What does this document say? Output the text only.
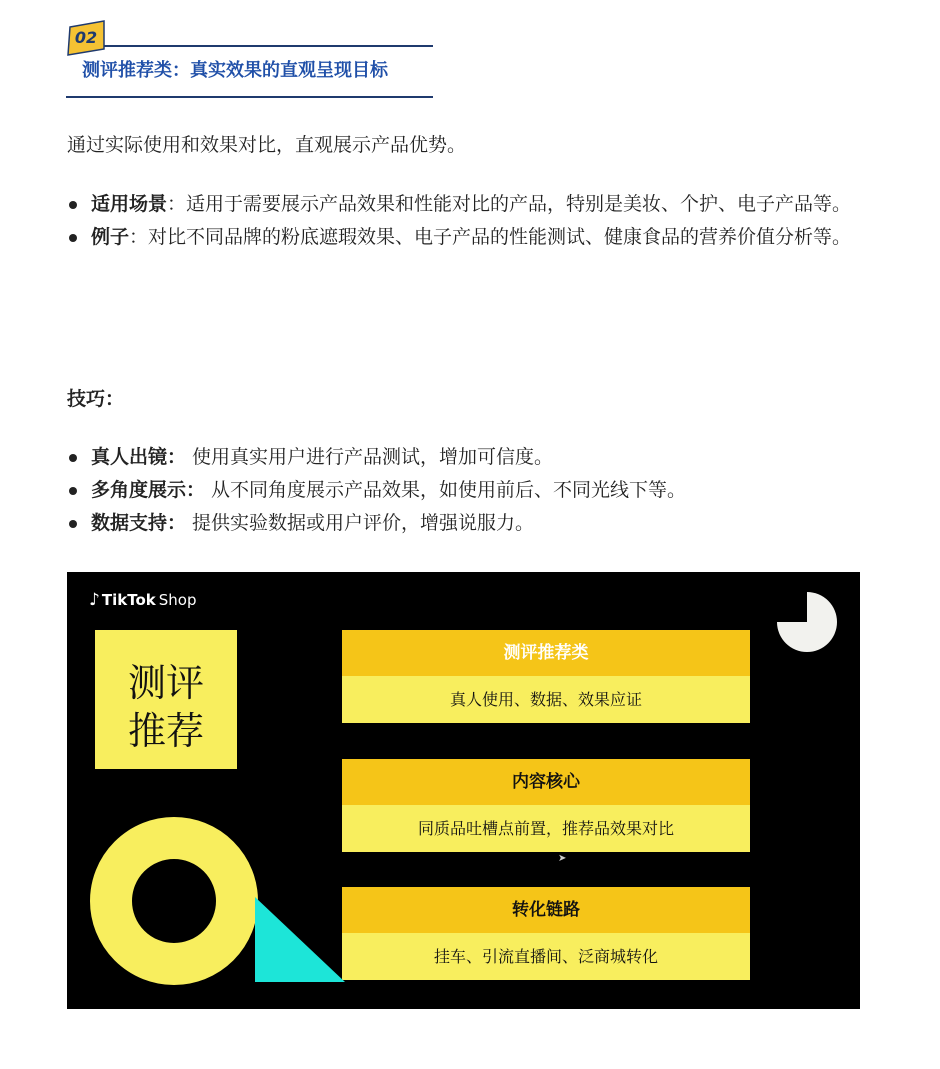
02
测评推荐类：真实效果的直观呈现目标
通过实际使用和效果对比，直观展示产品优势。
适用场景：适用于需要展示产品效果和性能对比的产品，特别是美妆、个护、电子产品等。
例子：对比不同品牌的粉底遮瑕效果、电子产品的性能测试、健康食品的营养价值分析等。
技巧：
真人出镜： 使用真实用户进行产品测试，增加可信度。
多角度展示： 从不同角度展示产品效果，如使用前后、不同光线下等。
数据支持： 提供实验数据或用户评价，增强说服力。
♪ TikTok Shop
测评
推荐
测评推荐类
真人使用、数据、效果应证
内容核心
同质品吐槽点前置，推荐品效果对比
转化链路
挂车、引流直播间、泛商城转化
➤
